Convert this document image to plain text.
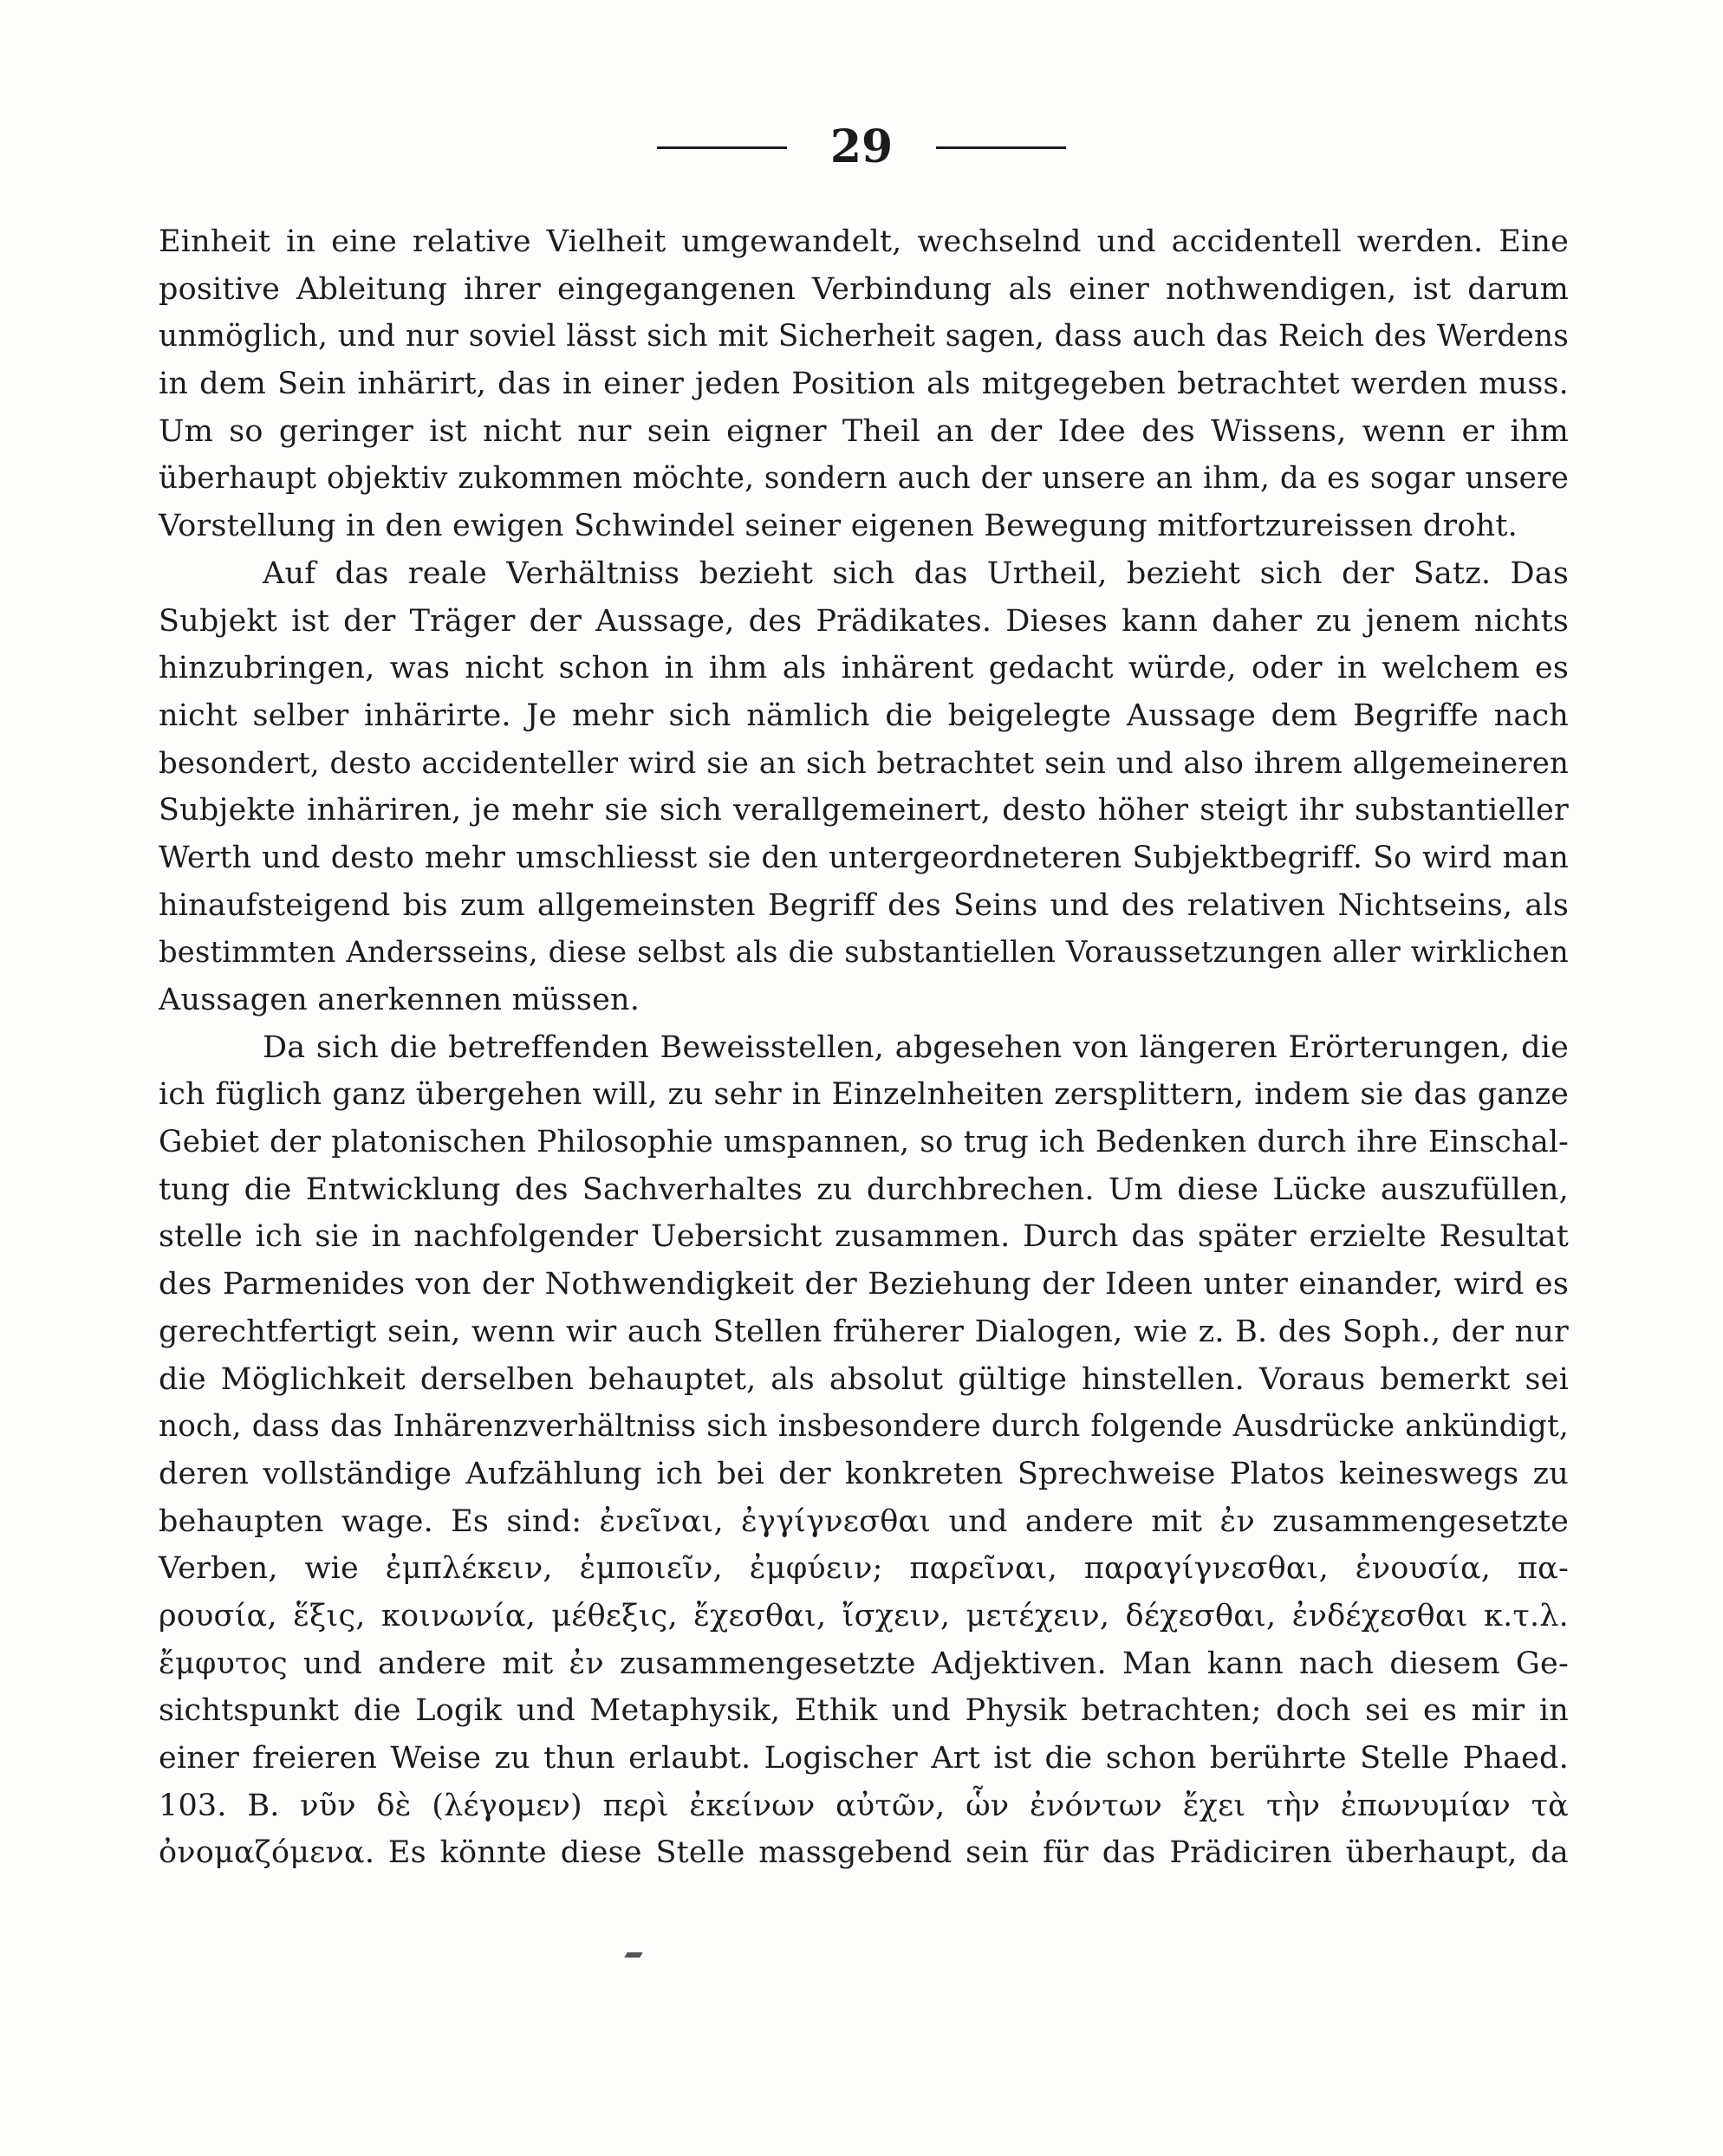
29
Einheit in eine relative Vielheit umgewandelt, wechselnd und accidentell werden. Eine
positive Ableitung ihrer eingegangenen Verbindung als einer nothwendigen, ist darum
unmöglich, und nur soviel lässt sich mit Sicherheit sagen, dass auch das Reich des Werdens
in dem Sein inhärirt, das in einer jeden Position als mitgegeben betrachtet werden muss.
Um so geringer ist nicht nur sein eigner Theil an der Idee des Wissens, wenn er ihm
überhaupt objektiv zukommen möchte, sondern auch der unsere an ihm, da es sogar unsere
Vorstellung in den ewigen Schwindel seiner eigenen Bewegung mitfortzureissen droht.
Auf das reale Verhältniss bezieht sich das Urtheil, bezieht sich der Satz. Das
Subjekt ist der Träger der Aussage, des Prädikates. Dieses kann daher zu jenem nichts
hinzubringen, was nicht schon in ihm als inhärent gedacht würde, oder in welchem es
nicht selber inhärirte. Je mehr sich nämlich die beigelegte Aussage dem Begriffe nach
besondert, desto accidenteller wird sie an sich betrachtet sein und also ihrem allgemeineren
Subjekte inhäriren, je mehr sie sich verallgemeinert, desto höher steigt ihr substantieller
Werth und desto mehr umschliesst sie den untergeordneteren Subjektbegriff. So wird man
hinaufsteigend bis zum allgemeinsten Begriff des Seins und des relativen Nichtseins, als
bestimmten Andersseins, diese selbst als die substantiellen Voraussetzungen aller wirklichen
Aussagen anerkennen müssen.
Da sich die betreffenden Beweisstellen, abgesehen von längeren Erörterungen, die
ich füglich ganz übergehen will, zu sehr in Einzelnheiten zersplittern, indem sie das ganze
Gebiet der platonischen Philosophie umspannen, so trug ich Bedenken durch ihre Einschal-
tung die Entwicklung des Sachverhaltes zu durchbrechen. Um diese Lücke auszufüllen,
stelle ich sie in nachfolgender Uebersicht zusammen. Durch das später erzielte Resultat
des Parmenides von der Nothwendigkeit der Beziehung der Ideen unter einander, wird es
gerechtfertigt sein, wenn wir auch Stellen früherer Dialogen, wie z. B. des Soph., der nur
die Möglichkeit derselben behauptet, als absolut gültige hinstellen. Voraus bemerkt sei
noch, dass das Inhärenzverhältniss sich insbesondere durch folgende Ausdrücke ankündigt,
deren vollständige Aufzählung ich bei der konkreten Sprechweise Platos keineswegs zu
behaupten wage. Es sind: ἐνεῖναι, ἐγγίγνεσθαι und andere mit ἐν zusammengesetzte
Verben, wie ἐμπλέκειν, ἐμποιεῖν, ἐμφύειν; παρεῖναι, παραγίγνεσθαι, ἐνουσία, πα-
ρουσία, ἕξις, κοινωνία, μέθεξις, ἔχεσθαι, ἴσχειν, μετέχειν, δέχεσθαι, ἐνδέχεσθαι κ.τ.λ.
ἔμφυτος und andere mit ἐν zusammengesetzte Adjektiven. Man kann nach diesem Ge-
sichtspunkt die Logik und Metaphysik, Ethik und Physik betrachten; doch sei es mir in
einer freieren Weise zu thun erlaubt. Logischer Art ist die schon berührte Stelle Phaed.
103. B. νῦν δὲ (λέγομεν) περὶ ἐκείνων αὐτῶν, ὧν ἐνόντων ἔχει τὴν ἐπωνυμίαν τὰ
ὀνομαζόμενα. Es könnte diese Stelle massgebend sein für das Prädiciren überhaupt, da
